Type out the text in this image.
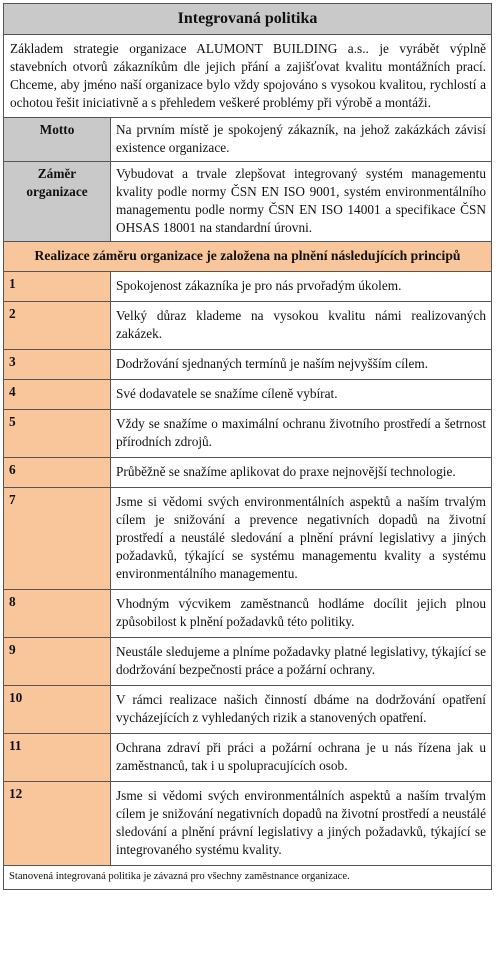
Integrovaná politika	
Základem strategie organizace ALUMONT BUILDING a.s.. je vyrábět výplně stavebních otvorů zákazníkům dle jejich přání a zajišťovat kvalitu montážních prací. Chceme, aby jméno naší organizace bylo vždy spojováno s vysokou kvalitou, rychlostí a ochotou řešit iniciativně a s přehledem veškeré problémy při výrobě a montáži.	
Motto	Na prvním místě je spokojený zákazník, na jehož zakázkách závisí existence organizace.
Záměr organizace	Vybudovat a trvale zlepšovat integrovaný systém managementu kvality podle normy ČSN EN ISO 9001, systém environmentálního managementu podle normy ČSN EN ISO 14001 a specifikace ČSN OHSAS 18001 na standardní úrovni.
Realizace záměru organizace je založena na plnění následujících principů	
1	Spokojenost zákazníka je pro nás prvořadým úkolem.
2	Velký důraz klademe na vysokou kvalitu námi realizovaných zakázek.
3	Dodržování sjednaných termínů je naším nejvyšším cílem.
4	Své dodavatele se snažíme cíleně vybírat.
5	Vždy se snažíme o maximální ochranu životního prostředí a šetrnost přírodních zdrojů.
6	Průběžně se snažíme aplikovat do praxe nejnovější technologie.
7	Jsme si vědomi svých environmentálních aspektů a naším trvalým cílem je snižování a prevence negativních dopadů na životní prostředí a neustálé sledování a plnění právní legislativy a jiných požadavků, týkající se systému managementu kvality a systému environmentálního managementu.
8	Vhodným výcvikem zaměstnanců hodláme docílit jejich plnou způsobilost k plnění požadavků této politiky.
9	Neustále sledujeme a plníme požadavky platné legislativy, týkající se dodržování bezpečnosti práce a požární ochrany.
10	V rámci realizace našich činností dbáme na dodržování opatření vycházejících z vyhledaných rizik a stanovených opatření.
11	Ochrana zdraví při práci a požární ochrana je u nás řízena jak u zaměstnanců, tak i u spolupracujících osob.
12	Jsme si vědomi svých environmentálních aspektů a naším trvalým cílem je snižování negativních dopadů na životní prostředí a neustálé sledování a plnění právní legislativy a jiných požadavků, týkající se integrovaného systému kvality.
Stanovená integrovaná politika je závazná pro všechny zaměstnance organizace.	
